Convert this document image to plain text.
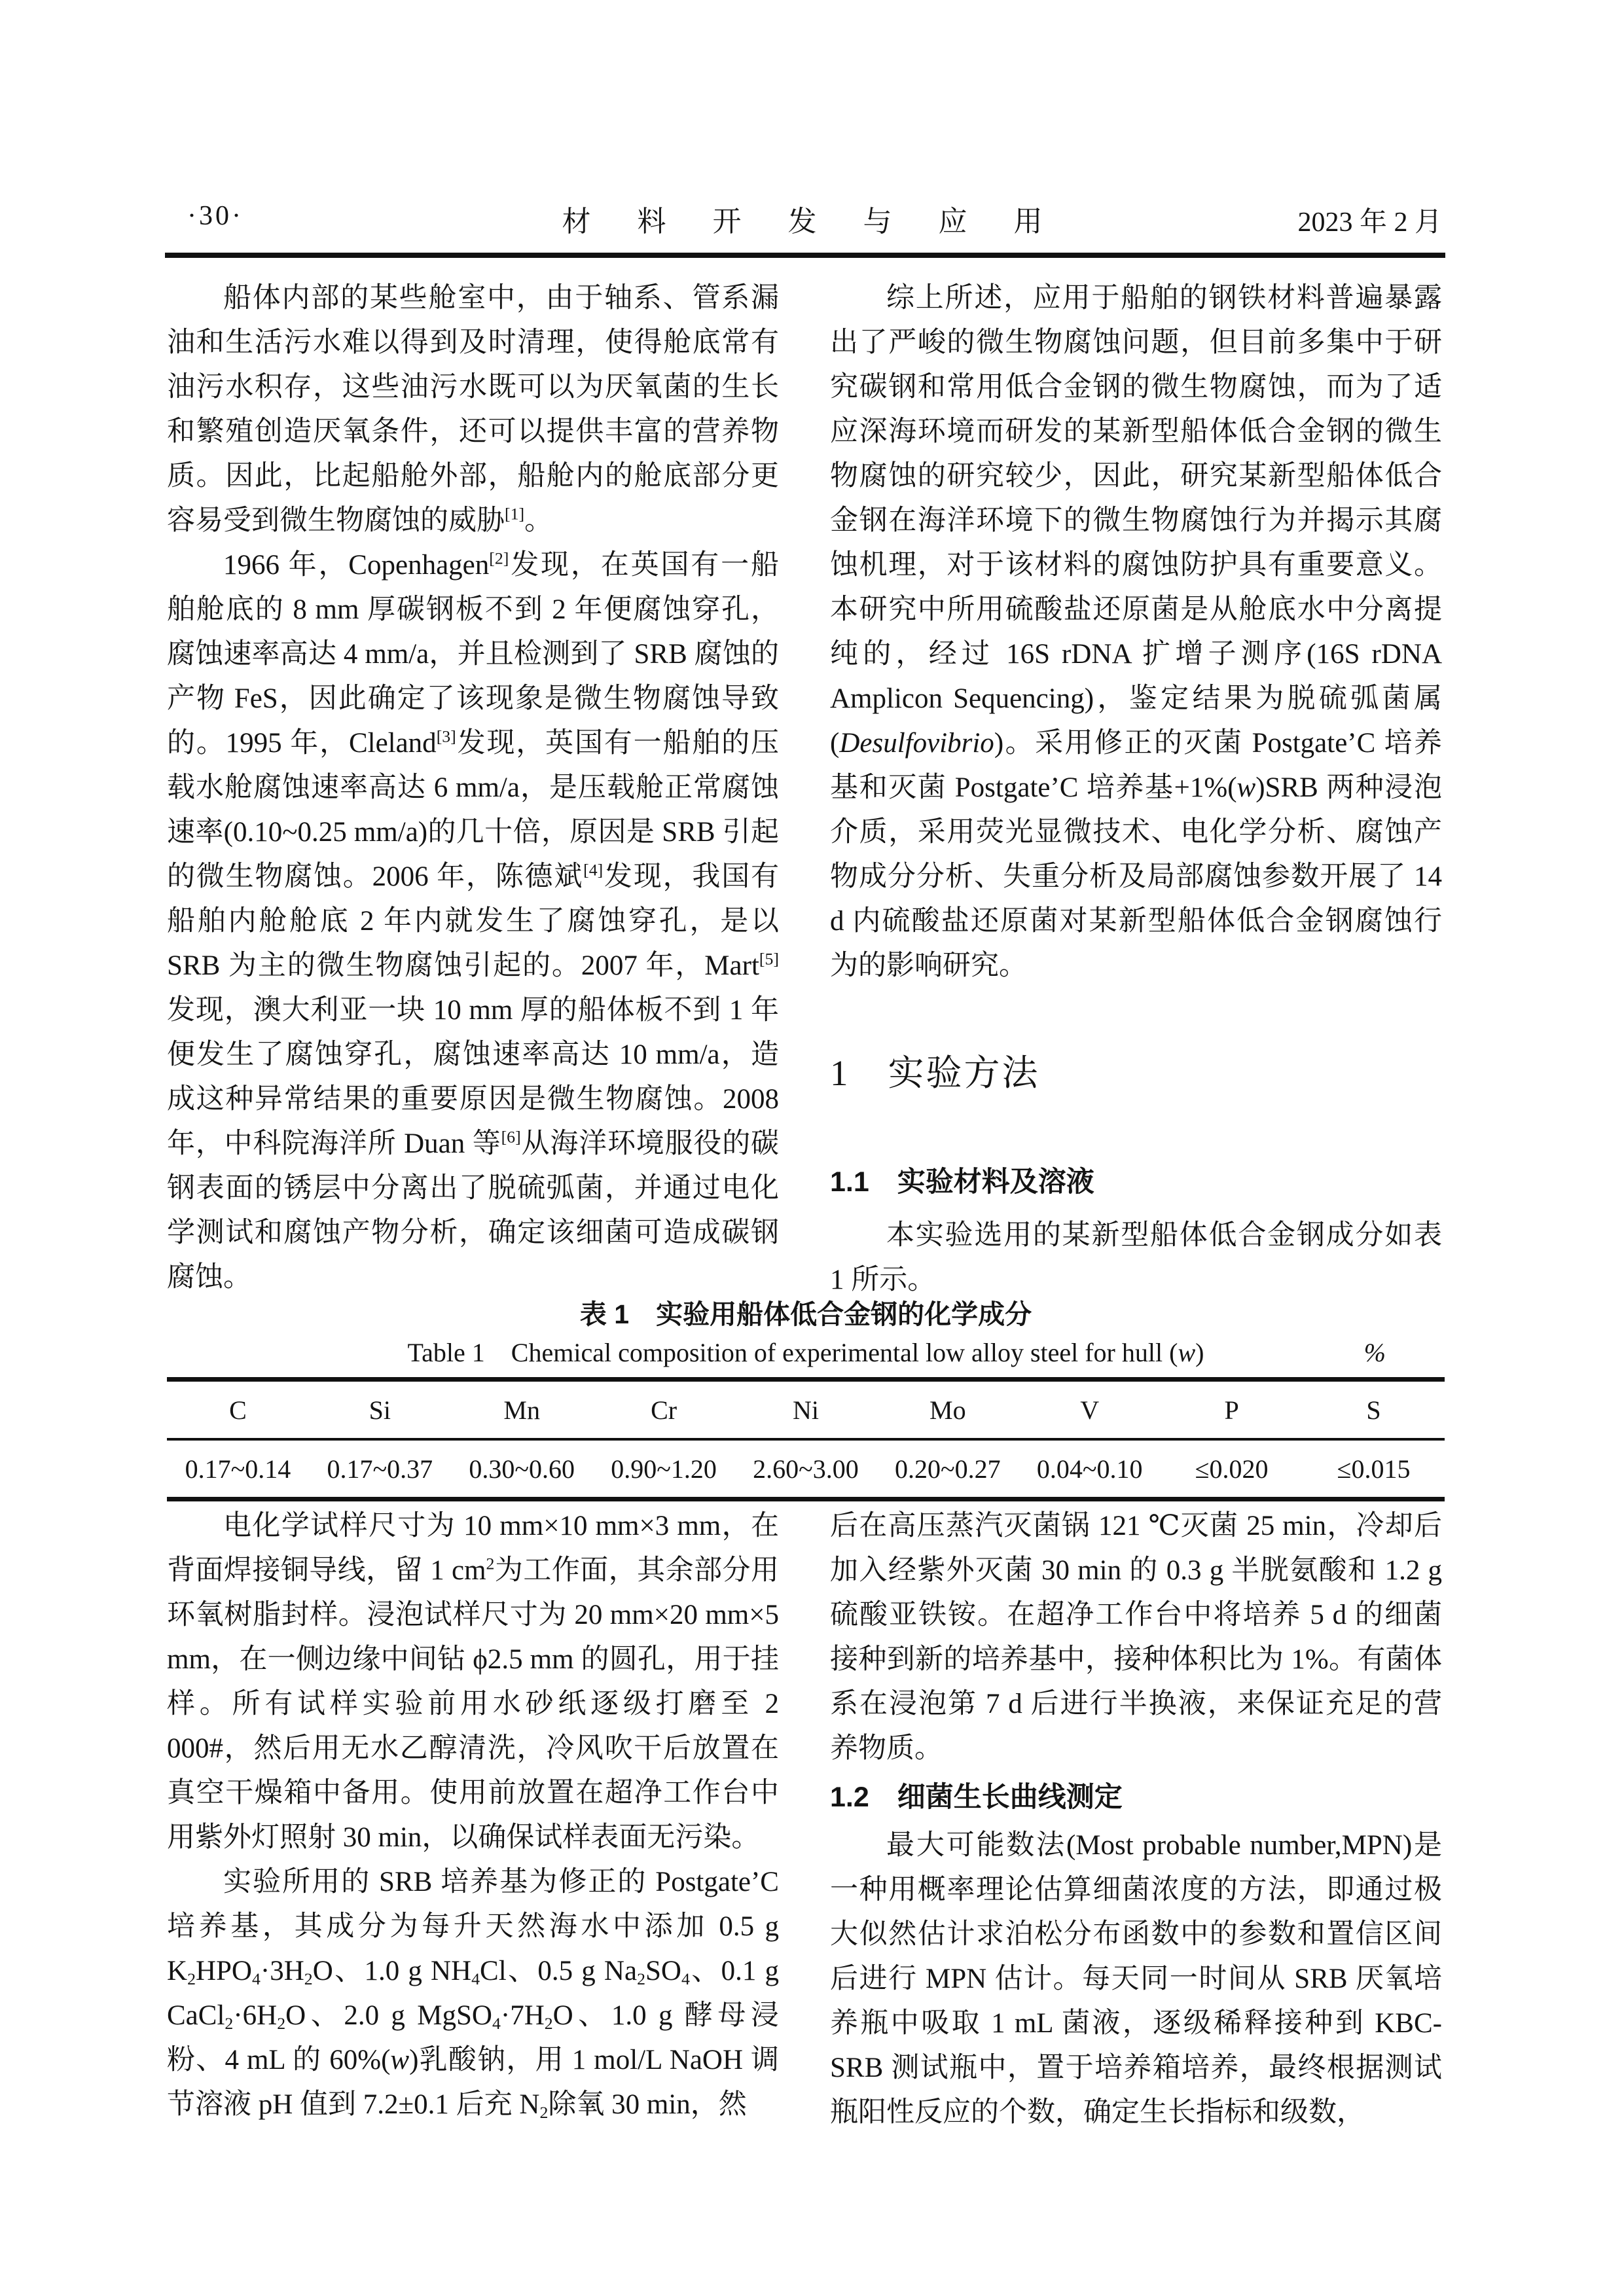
·30·	材 料 开 发 与 应 用	2023 年 2 月

船体内部的某些舱室中，由于轴系、管系漏油和生活污水难以得到及时清理，使得舱底常有油污水积存，这些油污水既可以为厌氧菌的生长和繁殖创造厌氧条件，还可以提供丰富的营养物质。因此，比起船舱外部，船舱内的舱底部分更容易受到微生物腐蚀的威胁[1]。

1966 年，Copenhagen[2]发现，在英国有一船舶舱底的 8 mm 厚碳钢板不到 2 年便腐蚀穿孔，腐蚀速率高达 4 mm/a，并且检测到了 SRB 腐蚀的产物 FeS，因此确定了该现象是微生物腐蚀导致的。1995 年，Cleland[3]发现，英国有一船舶的压载水舱腐蚀速率高达 6 mm/a，是压载舱正常腐蚀速率(0.10~0.25 mm/a)的几十倍，原因是 SRB 引起的微生物腐蚀。2006 年，陈德斌[4]发现，我国有船舶内舱舱底 2 年内就发生了腐蚀穿孔，是以 SRB 为主的微生物腐蚀引起的。2007 年，Mart[5]发现，澳大利亚一块 10 mm 厚的船体板不到 1 年便发生了腐蚀穿孔，腐蚀速率高达 10 mm/a，造成这种异常结果的重要原因是微生物腐蚀。2008 年，中科院海洋所 Duan 等[6]从海洋环境服役的碳钢表面的锈层中分离出了脱硫弧菌，并通过电化学测试和腐蚀产物分析，确定该细菌可造成碳钢腐蚀。

综上所述，应用于船舶的钢铁材料普遍暴露出了严峻的微生物腐蚀问题，但目前多集中于研究碳钢和常用低合金钢的微生物腐蚀，而为了适应深海环境而研发的某新型船体低合金钢的微生物腐蚀的研究较少，因此，研究某新型船体低合金钢在海洋环境下的微生物腐蚀行为并揭示其腐蚀机理，对于该材料的腐蚀防护具有重要意义。本研究中所用硫酸盐还原菌是从舱底水中分离提纯的，经过 16S rDNA 扩增子测序(16S rDNA Amplicon Sequencing)，鉴定结果为脱硫弧菌属(Desulfovibrio)。采用修正的灭菌 Postgate’C 培养基和灭菌 Postgate’C 培养基+1%(w)SRB 两种浸泡介质，采用荧光显微技术、电化学分析、腐蚀产物成分分析、失重分析及局部腐蚀参数开展了 14 d 内硫酸盐还原菌对某新型船体低合金钢腐蚀行为的影响研究。

1　实验方法
1.1　实验材料及溶液

本实验选用的某新型船体低合金钢成分如表 1 所示。

表 1　实验用船体低合金钢的化学成分
Table 1　Chemical composition of experimental low alloy steel for hull (w)	%
C	Si	Mn	Cr	Ni	Mo	V	P	S
0.17~0.14	0.17~0.37	0.30~0.60	0.90~1.20	2.60~3.00	0.20~0.27	0.04~0.10	≤0.020	≤0.015

电化学试样尺寸为 10 mm×10 mm×3 mm，在背面焊接铜导线，留 1 $cm^2$为工作面，其余部分用环氧树脂封样。浸泡试样尺寸为 20 mm×20 mm×5 mm，在一侧边缘中间钻 ϕ2.5 mm 的圆孔，用于挂样。所有试样实验前用水砂纸逐级打磨至 2 000#，然后用无水乙醇清洗，冷风吹干后放置在真空干燥箱中备用。使用前放置在超净工作台中用紫外灯照射 30 min，以确保试样表面无污染。

实验所用的 SRB 培养基为修正的 Postgate’C 培养基，其成分为每升天然海水中添加 0.5 g $K_2HPO_4\cdot 3H_2O$、1.0 g $NH_4Cl$、0.5 g $Na_2SO_4$、0.1 g $CaCl_2\cdot 6H_2O$、2.0 g $MgSO_4\cdot 7H_2O$、1.0 g 酵母浸粉、4 mL 的 60%(w)乳酸钠，用 1 mol/L NaOH 调节溶液 pH 值到 7.2±0.1 后充 $N_2$除氧 30 min，然

后在高压蒸汽灭菌锅 121 ℃灭菌 25 min，冷却后加入经紫外灭菌 30 min 的 0.3 g 半胱氨酸和 1.2 g 硫酸亚铁铵。在超净工作台中将培养 5 d 的细菌接种到新的培养基中，接种体积比为 1%。有菌体系在浸泡第 7 d 后进行半换液，来保证充足的营养物质。

1.2　细菌生长曲线测定

最大可能数法(Most probable number,MPN)是一种用概率理论估算细菌浓度的方法，即通过极大似然估计求泊松分布函数中的参数和置信区间后进行 MPN 估计。每天同一时间从 SRB 厌氧培养瓶中吸取 1 mL 菌液，逐级稀释接种到 KBC-SRB 测试瓶中，置于培养箱培养，最终根据测试瓶阳性反应的个数，确定生长指标和级数，
